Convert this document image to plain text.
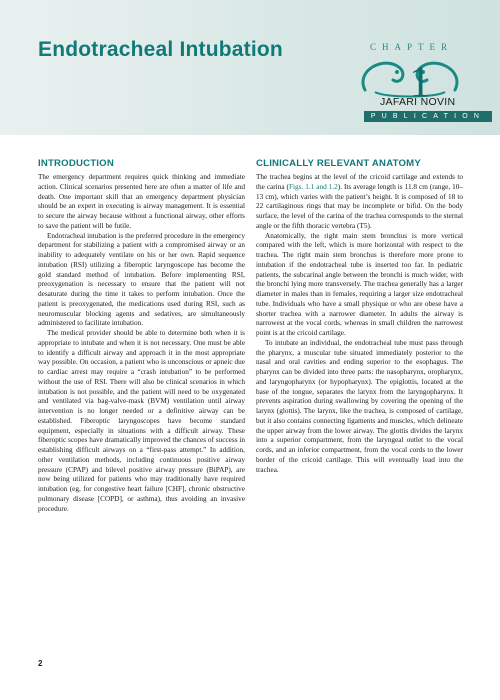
Endotracheal Intubation	CHAPTER
1
JAFARI NOVIN
PUBLICATION
INTRODUCTION

The emergency department requires quick thinking and immediate action. Clinical scenarios presented here are often a matter of life and death. One important skill that an emergency department physician should be an expert in executing is airway management. It is essential to secure the airway because without a functional airway, other efforts to save the patient will be futile.

Endotracheal intubation is the preferred procedure in the emergency department for stabilizing a patient with a compromised airway or an inability to adequately ventilate on his or her own. Rapid sequence intubation (RSI) utilizing a fiberoptic laryngoscope has become the gold standard method of intubation. Before implementing RSI, preoxygenation is necessary to ensure that the patient will not desaturate during the time it takes to perform intubation. Once the patient is preoxygenated, the medications used during RSI, such as neuromuscular blocking agents and sedatives, are simultaneously administered to facilitate intubation.

The medical provider should be able to determine both when it is appropriate to intubate and when it is not necessary. One must be able to identify a difficult airway and approach it in the most appropriate way possible. On occasion, a patient who is unconscious or apneic due to cardiac arrest may require a “crash intubation” to be performed without the use of RSI. There will also be clinical scenarios in which intubation is not possible, and the patient will need to be oxygenated and ventilated via bag-valve-mask (BVM) ventilation until airway intervention is no longer needed or a definitive airway can be established. Fiberoptic laryngoscopes have become standard equipment, especially in situations with a difficult airway. These fiberoptic scopes have dramatically improved the chances of success in establishing difficult airways on a “first-pass attempt.” In addition, other ventilation methods, including continuous positive airway pressure (CPAP) and bilevel positive airway pressure (BiPAP), are now being utilized for patients who may traditionally have required intubation (eg, for congestive heart failure [CHF], chronic obstructive pulmonary disease [COPD], or asthma), thus avoiding an invasive procedure.

CLINICALLY RELEVANT ANATOMY

The trachea begins at the level of the cricoid cartilage and extends to the carina (Figs. 1.1 and 1.2). Its average length is 11.8 cm (range, 10–13 cm), which varies with the patient’s height. It is composed of 18 to 22 cartilaginous rings that may be incomplete or bifid. On the body surface, the level of the carina of the trachea corresponds to the sternal angle or the fifth thoracic vertebra (T5).

Anatomically, the right main stem bronchus is more vertical compared with the left, which is more horizontal with respect to the trachea. The right main stem bronchus is therefore more prone to intubation if the endotracheal tube is inserted too far. In pediatric patients, the subcarinal angle between the bronchi is much wider, with the bronchi lying more transversely. The trachea generally has a larger diameter in males than in females, requiring a larger size endotracheal tube. Individuals who have a small physique or who are obese have a shorter trachea with a narrower diameter. In adults the airway is narrowest at the vocal cords, whereas in small children the narrowest point is at the cricoid cartilage.

To intubate an individual, the endotracheal tube must pass through the pharynx, a muscular tube situated immediately posterior to the nasal and oral cavities and ending superior to the esophagus. The pharynx can be divided into three parts: the nasopharynx, oropharynx, and laryngopharynx (or hypopharynx). The epiglottis, located at the base of the tongue, separates the larynx from the laryngopharynx. It prevents aspiration during swallowing by covering the opening of the larynx (glottis). The larynx, like the trachea, is composed of cartilage, but it also contains connecting ligaments and muscles, which delineate the upper airway from the lower airway. The glottis divides the larynx into a superior compartment, from the laryngeal outlet to the vocal cords, and an inferior compartment, from the vocal cords to the lower border of the cricoid cartilage. This will eventually lead into the trachea.

2
